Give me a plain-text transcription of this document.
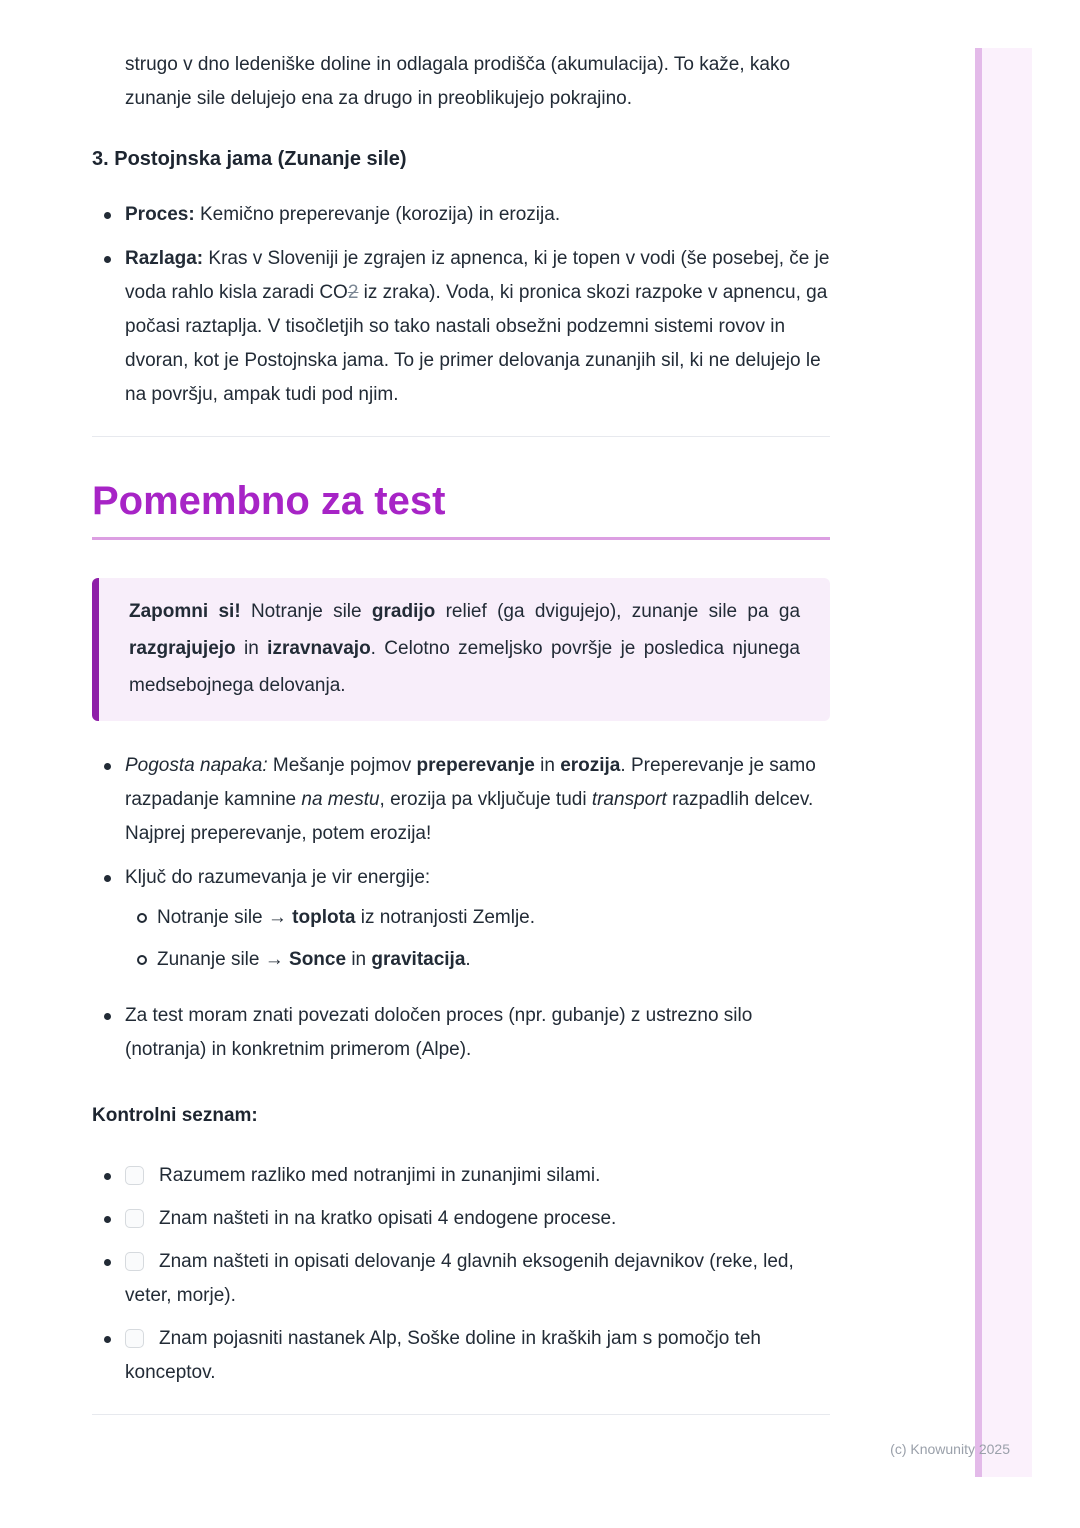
strugo v dno ledeniške doline in odlagala prodišča (akumulacija). To kaže, kako zunanje sile delujejo ena za drugo in preoblikujejo pokrajino.

3. Postojnska jama (Zunanje sile)
Proces: Kemično preperevanje (korozija) in erozija.
Razlaga: Kras v Sloveniji je zgrajen iz apnenca, ki je topen v vodi (še posebej, če je voda rahlo kisla zaradi CO2 iz zraka). Voda, ki pronica skozi razpoke v apnencu, ga počasi raztaplja. V tisočletjih so tako nastali obsežni podzemni sistemi rovov in dvoran, kot je Postojnska jama. To je primer delovanja zunanjih sil, ki ne delujejo le na površju, ampak tudi pod njim.
Pomembno za test

Zapomni si! Notranje sile gradijo relief (ga dvigujejo), zunanje sile pa ga razgrajujejo in izravnavajo. Celotno zemeljsko površje je posledica njunega medsebojnega delovanja.

Pogosta napaka: Mešanje pojmov preperevanje in erozija. Preperevanje je samo razpadanje kamnine na mestu, erozija pa vključuje tudi transport razpadlih delcev. Najprej preperevanje, potem erozija!
Ključ do razumevanja je vir energije:
Notranje sile → toplota iz notranjosti Zemlje.
Zunanje sile → Sonce in gravitacija.
Za test moram znati povezati določen proces (npr. gubanje) z ustrezno silo (notranja) in konkretnim primerom (Alpe).

Kontrolni seznam:

Razumem razliko med notranjimi in zunanjimi silami.
Znam našteti in na kratko opisati 4 endogene procese.
Znam našteti in opisati delovanje 4 glavnih eksogenih dejavnikov (reke, led, veter, morje).
Znam pojasniti nastanek Alp, Soške doline in kraških jam s pomočjo teh konceptov.
(c) Knowunity 2025
